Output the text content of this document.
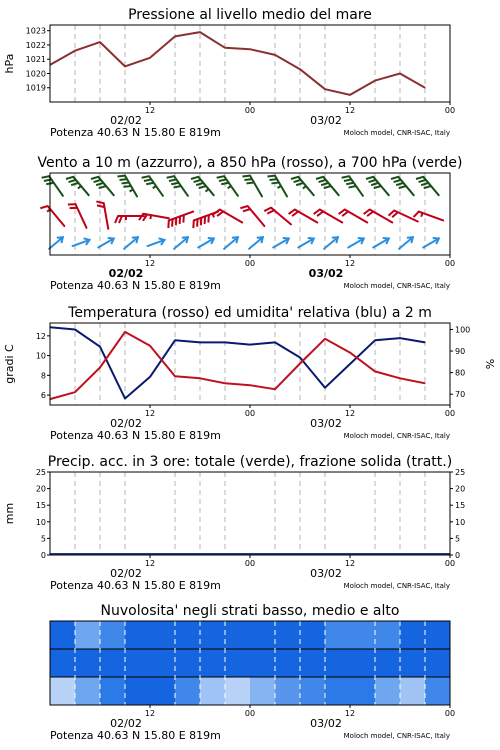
1019
1020
1021
1022
1023
Pressione al livello medio del mare
hPa
12	00	12	00
02/02	03/02
Potenza 40.63 N 15.80 E 819m	Moloch model, CNR-ISAC, Italy
Vento a 10 m (azzurro), a 850 hPa (rosso), a 700 hPa (verde)
12	00	12	00
02/02	03/02
Potenza 40.63 N 15.80 E 819m	Moloch model, CNR-ISAC, Italy
6
8
10
12
70
80
90
100
Temperatura (rosso) ed umidita' relativa (blu) a 2 m
gradi C	%
12	00	12	00
02/02	03/02
Potenza 40.63 N 15.80 E 819m	Moloch model, CNR-ISAC, Italy
0
5
10
15
20
25
0
5
10
15
20
25
Precip. acc. in 3 ore: totale (verde), frazione solida (tratt.)
mm
12	00	12	00
02/02	03/02
Potenza 40.63 N 15.80 E 819m	Moloch model, CNR-ISAC, Italy
Nuvolosita' negli strati basso, medio e alto
12	00	12	00
02/02	03/02
Potenza 40.63 N 15.80 E 819m	Moloch model, CNR-ISAC, Italy
